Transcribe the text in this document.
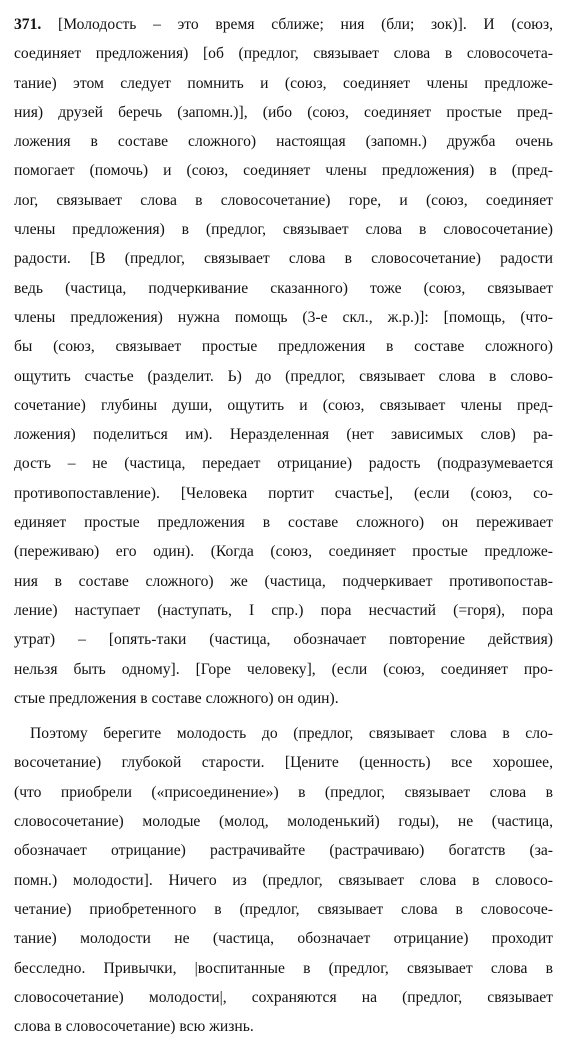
371. [Молодость – это время сближе; ния (бли; зок)]. И (союз,
соединяет предложения) [об (предлог, связывает слова в словосочета-
тание) этом следует помнить и (союз, соединяет члены предложе-
ния) друзей беречь (запомн.)], (ибо (союз, соединяет простые пред-
ложения в составе сложного) настоящая (запомн.) дружба очень
помогает (помочь) и (союз, соединяет члены предложения) в (пред-
лог, связывает слова в словосочетание) горе, и (союз, соединяет
члены предложения) в (предлог, связывает слова в словосочетание)
радости. [В (предлог, связывает слова в словосочетание) радости
ведь (частица, подчеркивание сказанного) тоже (союз, связывает
члены предложения) нужна помощь (3-е скл., ж.р.)]: [помощь, (что-
бы (союз, связывает простые предложения в составе сложного)
ощутить счастье (разделит. Ь) до (предлог, связывает слова в слово-
сочетание) глубины души, ощутить и (союз, связывает члены пред-
ложения) поделиться им). Неразделенная (нет зависимых слов) ра-
дость – не (частица, передает отрицание) радость (подразумевается
противопоставление). [Человека портит счастье], (если (союз, со-
единяет простые предложения в составе сложного) он переживает
(переживаю) его один). (Когда (союз, соединяет простые предложе-
ния в составе сложного) же (частица, подчеркивает противопостав-
ление) наступает (наступать, I спр.) пора несчастий (=горя), пора
утрат) – [опять-таки (частица, обозначает повторение действия)
нельзя быть одному]. [Горе человеку], (если (союз, соединяет про-
стые предложения в составе сложного) он один).
Поэтому берегите молодость до (предлог, связывает слова в сло-
восочетание) глубокой старости. [Цените (ценность) все хорошее,
(что приобрели («присоединение») в (предлог, связывает слова в
словосочетание) молодые (молод, молоденький) годы), не (частица,
обозначает отрицание) растрачивайте (растрачиваю) богатств (за-
помн.) молодости]. Ничего из (предлог, связывает слова в словосо-
четание) приобретенного в (предлог, связывает слова в словосоче-
тание) молодости не (частица, обозначает отрицание) проходит
бесследно. Привычки, |воспитанные в (предлог, связывает слова в
словосочетание) молодости|, сохраняются на (предлог, связывает
слова в словосочетание) всю жизнь.
